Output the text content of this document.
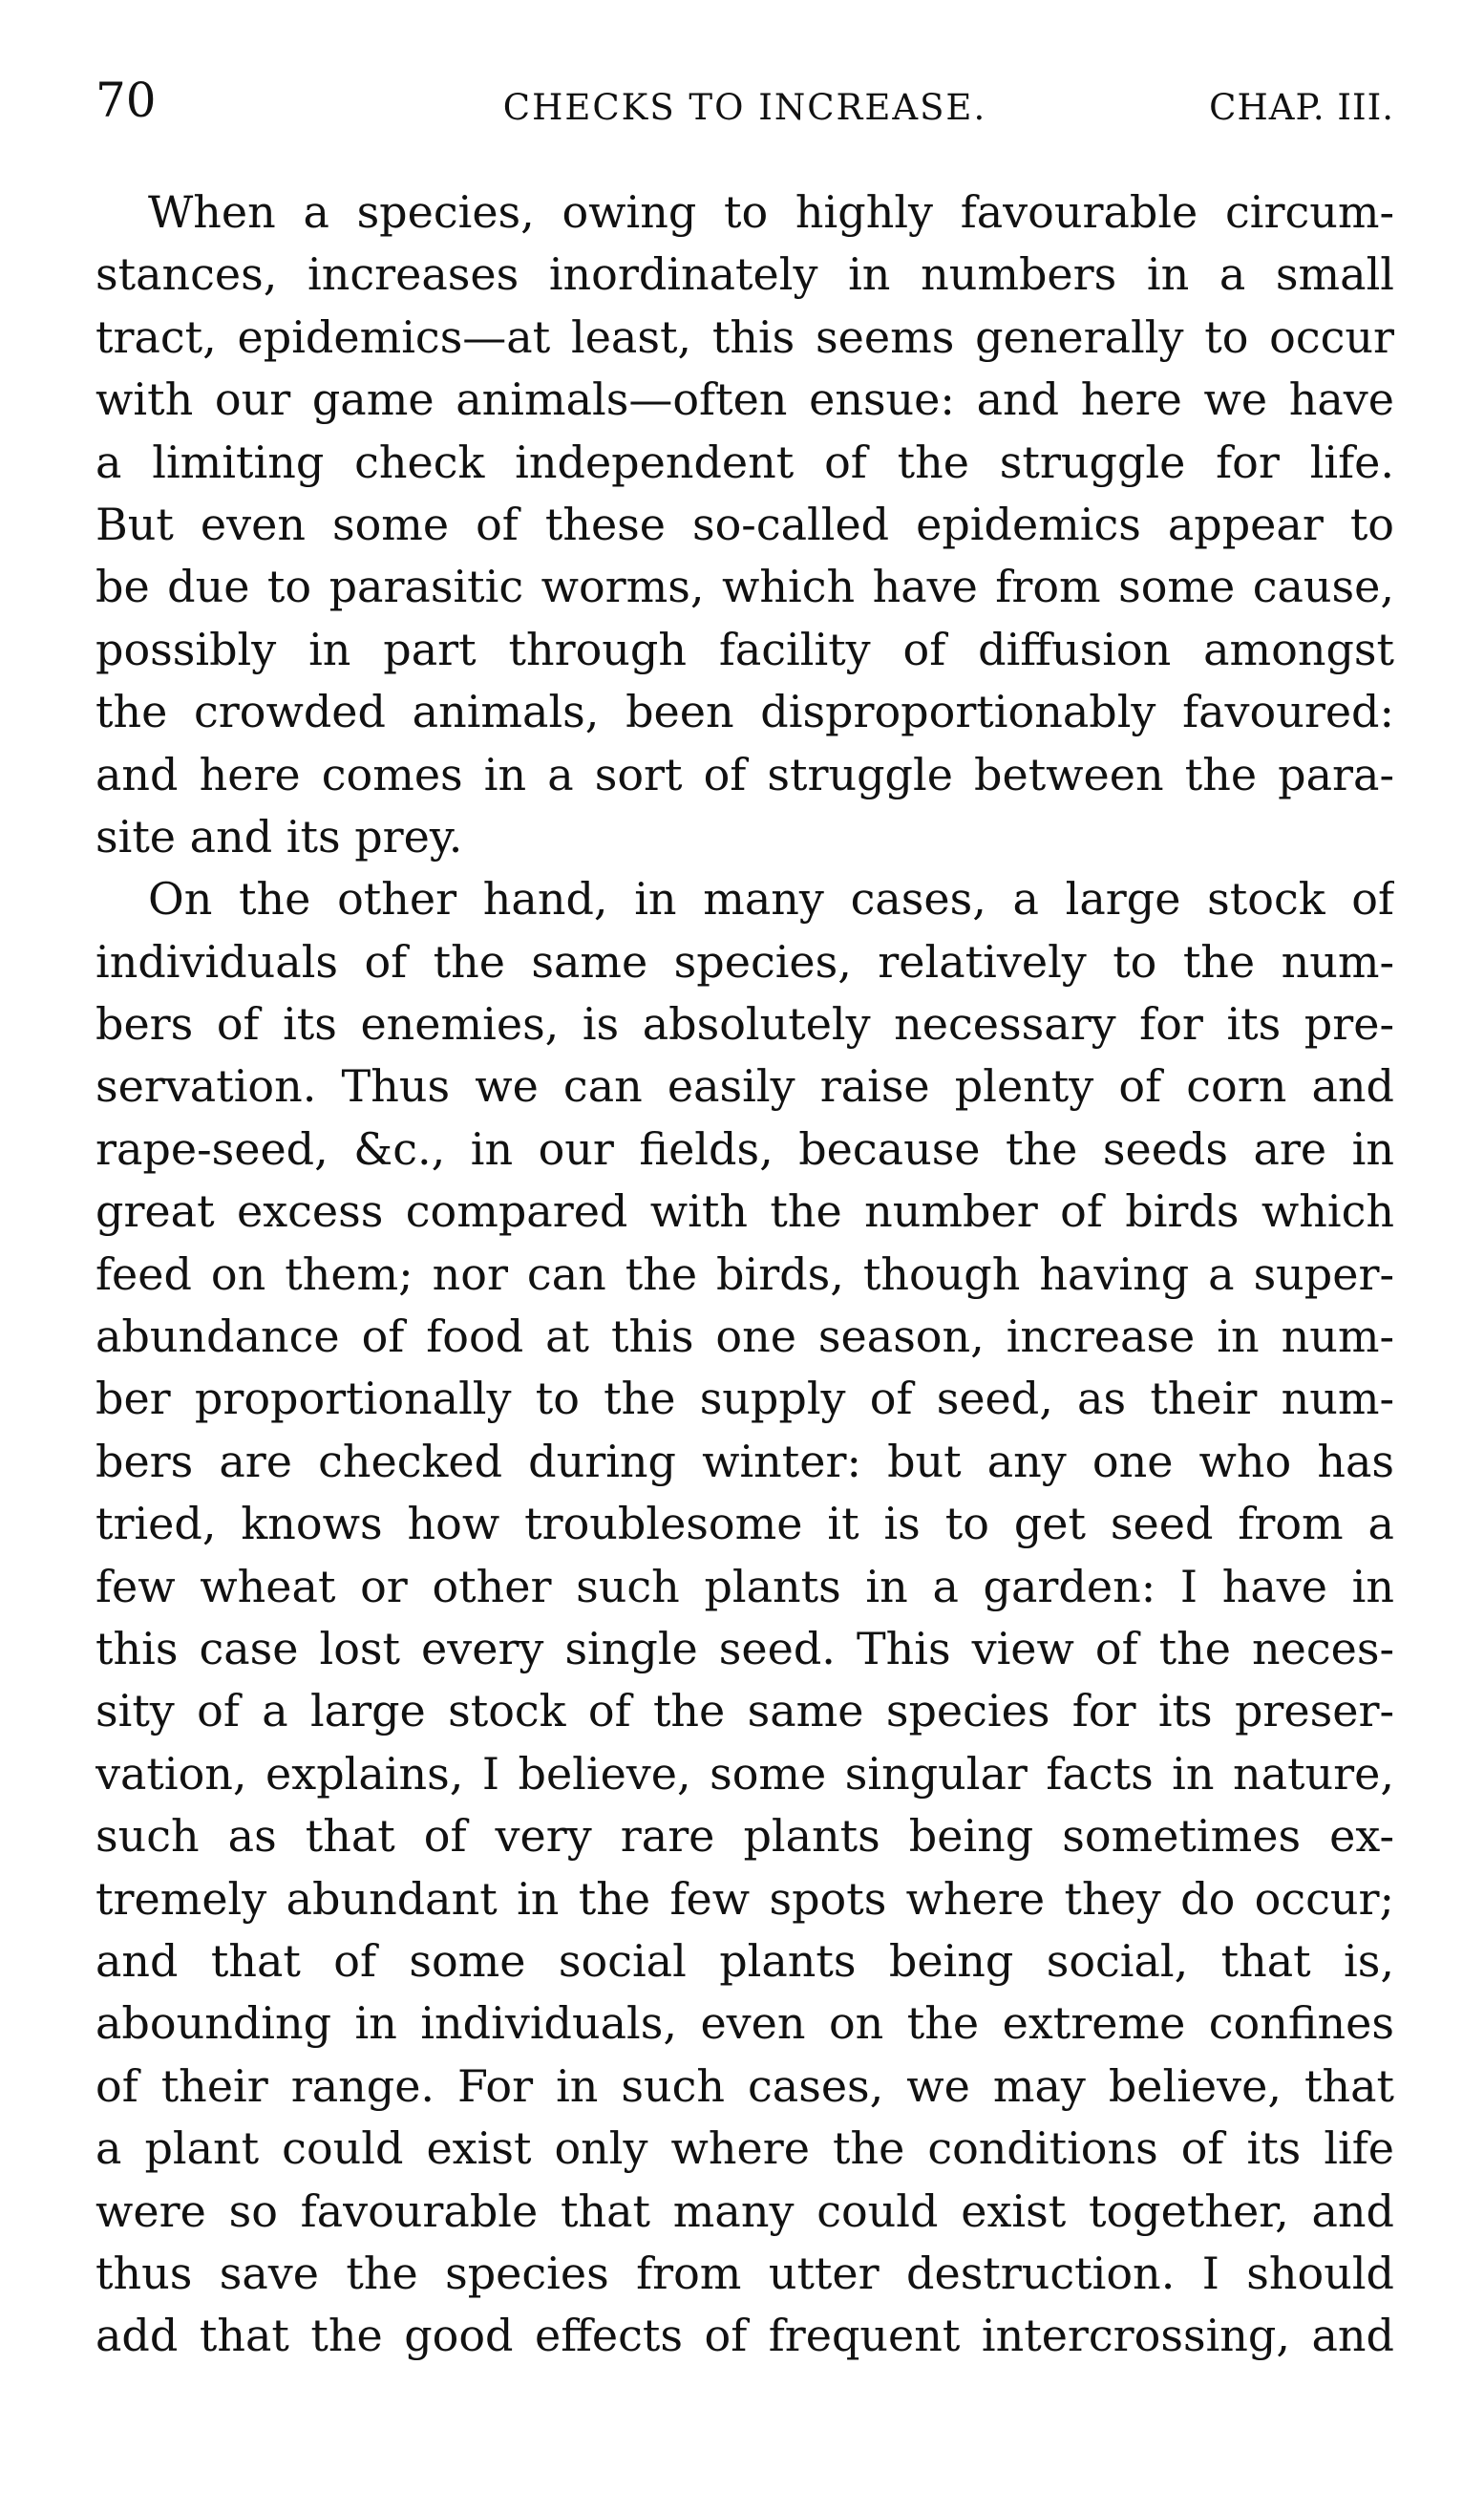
70	CHECKS TO INCREASE.	CHAP. III.
When a species, owing to highly favourable circum-
stances, increases inordinately in numbers in a small
tract, epidemics—at least, this seems generally to occur
with our game animals—often ensue: and here we have
a limiting check independent of the struggle for life.
But even some of these so-called epidemics appear to
be due to parasitic worms, which have from some cause,
possibly in part through facility of diffusion amongst
the crowded animals, been disproportionably favoured:
and here comes in a sort of struggle between the para-
site and its prey.
On the other hand, in many cases, a large stock of
individuals of the same species, relatively to the num-
bers of its enemies, is absolutely necessary for its pre-
servation. Thus we can easily raise plenty of corn and
rape-seed, &c., in our fields, because the seeds are in
great excess compared with the number of birds which
feed on them; nor can the birds, though having a super-
abundance of food at this one season, increase in num-
ber proportionally to the supply of seed, as their num-
bers are checked during winter: but any one who has
tried, knows how troublesome it is to get seed from a
few wheat or other such plants in a garden: I have in
this case lost every single seed. This view of the neces-
sity of a large stock of the same species for its preser-
vation, explains, I believe, some singular facts in nature,
such as that of very rare plants being sometimes ex-
tremely abundant in the few spots where they do occur;
and that of some social plants being social, that is,
abounding in individuals, even on the extreme confines
of their range. For in such cases, we may believe, that
a plant could exist only where the conditions of its life
were so favourable that many could exist together, and
thus save the species from utter destruction. I should
add that the good effects of frequent intercrossing, and
